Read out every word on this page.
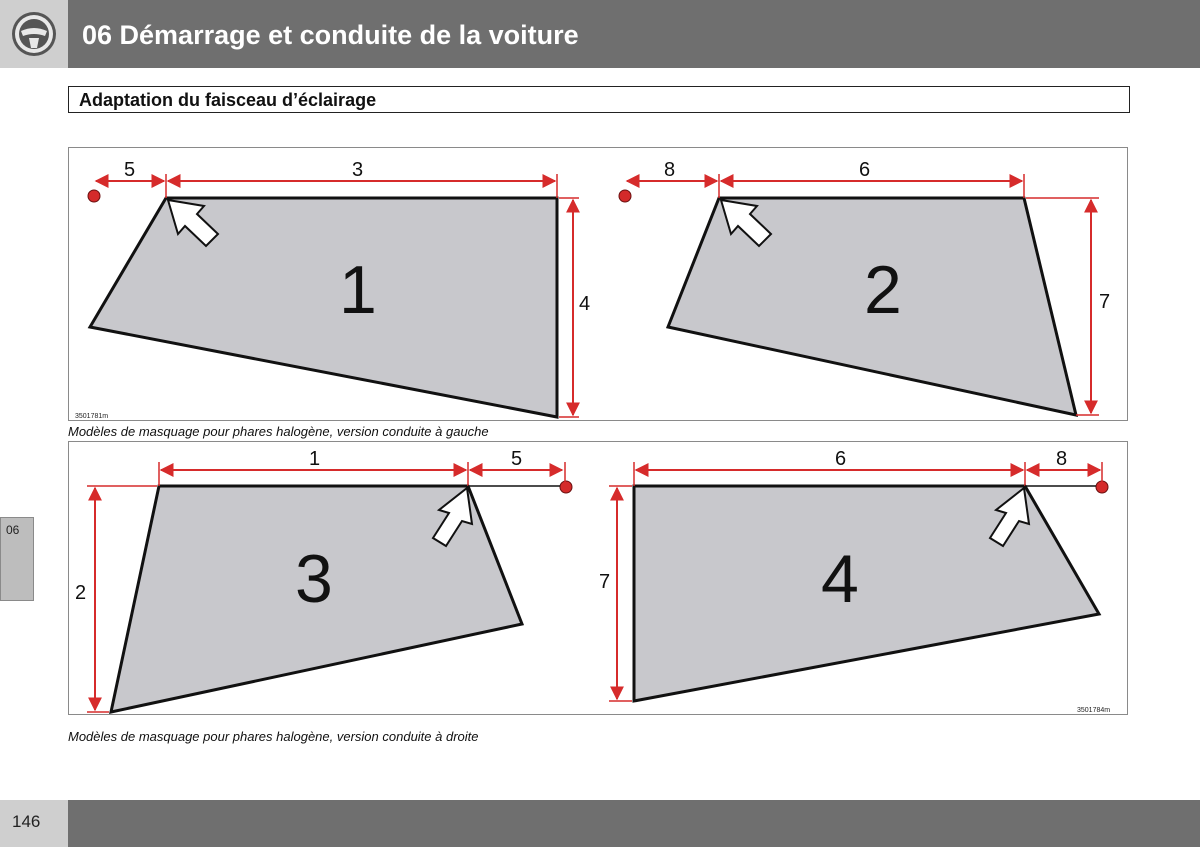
06 Démarrage et conduite de la voiture
Adaptation du faisceau d’éclairage
06
5	3
4
1
8	6
7
2
3501781m
Modèles de masquage pour phares halogène, version conduite à gauche
1	5
2	3
6	8
7	4
3501784m
Modèles de masquage pour phares halogène, version conduite à droite
146
